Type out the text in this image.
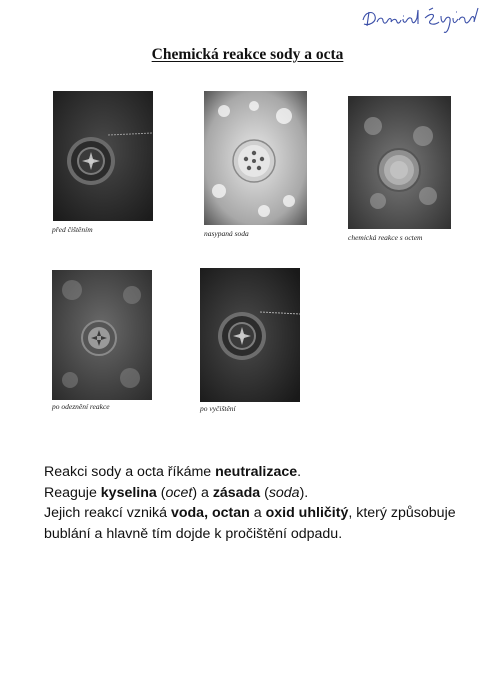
Chemická reakce sody a octa
před čištěním	nasypaná soda	chemická reakce s octem
po odeznění reakce	po vyčištění

Reakci sody a octa říkáme neutralizace.

Reaguje kyselina (ocet) a zásada (soda).

Jejich reakcí vzniká voda, octan a oxid uhličitý, který způsobuje bublání a hlavně tím dojde k pročištění odpadu.
